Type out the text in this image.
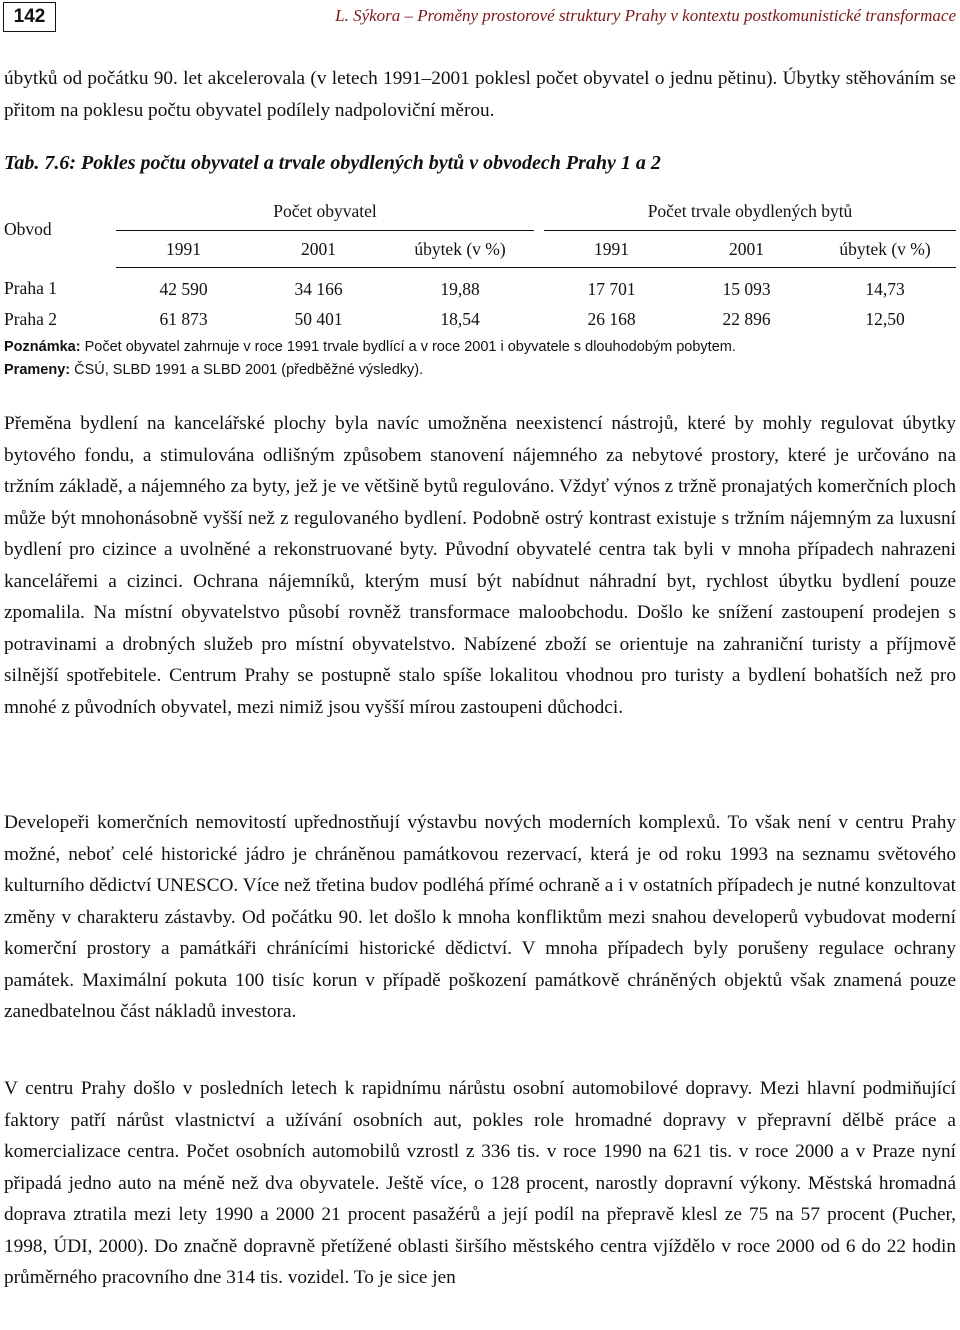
142	L. Sýkora – Proměny prostorové struktury Prahy v kontextu postkomunistické transformace

úbytků od počátku 90. let akcelerovala (v letech 1991–2001 poklesl počet obyvatel o jednu pětinu). Úbytky stěhováním se přitom na poklesu počtu obyvatel podílely nadpoloviční měrou.

Tab. 7.6: Pokles počtu obyvatel a trvale obydlených bytů v obvodech Prahy 1 a 2
Obvod	Počet obyvatel				Počet trvale obydlených bytů		
	1991	2001	úbytek (v %)		1991	2001	úbytek (v %)
Praha 1	42 590	34 166	19,88		17 701	15 093	14,73
Praha 2	61 873	50 401	18,54		26 168	22 896	12,50
Poznámka: Počet obyvatel zahrnuje v roce 1991 trvale bydlící a v roce 2001 i obyvatele s dlouhodobým pobytem.
Prameny: ČSÚ, SLBD 1991 a SLBD 2001 (předběžné výsledky).

Přeměna bydlení na kancelářské plochy byla navíc umožněna neexistencí nástrojů, které by mohly regulovat úbytky bytového fondu, a stimulována odlišným způsobem stanovení nájemného za nebytové prostory, které je určováno na tržním základě, a nájemného za byty, jež je ve většině bytů regulováno. Vždyť výnos z tržně pronajatých komerčních ploch může být mnohonásobně vyšší než z regulovaného bydlení. Podobně ostrý kontrast existuje s tržním nájemným za luxusní bydlení pro cizince a uvolněné a rekonstruované byty. Původní obyvatelé centra tak byli v mnoha případech nahrazeni kancelářemi a cizinci. Ochrana nájemníků, kterým musí být nabídnut náhradní byt, rychlost úbytku bydlení pouze zpomalila. Na místní obyvatelstvo působí rovněž transformace maloobchodu. Došlo ke snížení zastoupení prodejen s potravinami a drobných služeb pro místní obyvatelstvo. Nabízené zboží se orientuje na zahraniční turisty a příjmově silnější spotřebitele. Centrum Prahy se postupně stalo spíše lokalitou vhodnou pro turisty a bydlení bohatších než pro mnohé z původních obyvatel, mezi nimiž jsou vyšší mírou zastoupeni důchodci.

Developeři komerčních nemovitostí upřednostňují výstavbu nových moderních komplexů. To však není v centru Prahy možné, neboť celé historické jádro je chráněnou památkovou rezervací, která je od roku 1993 na seznamu světového kulturního dědictví UNESCO. Více než třetina budov podléhá přímé ochraně a i v ostatních případech je nutné konzultovat změny v charakteru zástavby. Od počátku 90. let došlo k mnoha konfliktům mezi snahou developerů vybudovat moderní komerční prostory a památkáři chránícími historické dědictví. V mnoha případech byly porušeny regulace ochrany památek. Maximální pokuta 100 tisíc korun v případě poškození památkově chráněných objektů však znamená pouze zanedbatelnou část nákladů investora.

V centru Prahy došlo v posledních letech k rapidnímu nárůstu osobní automobilové dopravy. Mezi hlavní podmiňující faktory patří nárůst vlastnictví a užívání osobních aut, pokles role hromadné dopravy v přepravní dělbě práce a komercializace centra. Počet osobních automobilů vzrostl z 336 tis. v roce 1990 na 621 tis. v roce 2000 a v Praze nyní připadá jedno auto na méně než dva obyvatele. Ještě více, o 128 procent, narostly dopravní výkony. Městská hromadná doprava ztratila mezi lety 1990 a 2000 21 procent pasažérů a její podíl na přepravě klesl ze 75 na 57 procent (Pucher, 1998, ÚDI, 2000). Do značně dopravně přetížené oblasti širšího městského centra vjíždělo v roce 2000 od 6 do 22 hodin průměrného pracovního dne 314 tis. vozidel. To je sice jen
